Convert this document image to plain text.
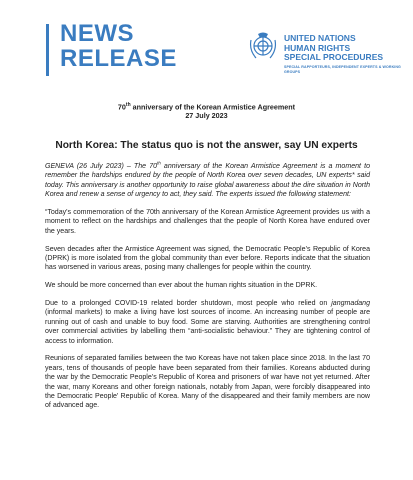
NEWS
RELEASE
UNITED NATIONS
HUMAN RIGHTS
SPECIAL PROCEDURES
SPECIAL RAPPORTEURS, INDEPENDENT EXPERTS & WORKING GROUPS
70th anniversary of the Korean Armistice Agreement
27 July 2023
North Korea: The status quo is not the answer, say UN experts

GENEVA (26 July 2023) – The 70th anniversary of the Korean Armistice Agreement is a moment to remember the hardships endured by the people of North Korea over seven decades, UN experts* said today. This anniversary is another opportunity to raise global awareness about the dire situation in North Korea and renew a sense of urgency to act, they said. The experts issued the following statement:

“Today's commemoration of the 70th anniversary of the Korean Armistice Agreement provides us with a moment to reflect on the hardships and challenges that the people of North Korea have endured over the years.

Seven decades after the Armistice Agreement was signed, the Democratic People’s Republic of Korea (DPRK) is more isolated from the global community than ever before. Reports indicate that the situation has worsened in various areas, posing many challenges for people within the country.

We should be more concerned than ever about the human rights situation in the DPRK.

Due to a prolonged COVID-19 related border shutdown, most people who relied on jangmadang (informal markets) to make a living have lost sources of income. An increasing number of people are running out of cash and unable to buy food. Some are starving. Authorities are strengthening control over commercial activities by labelling them “anti-socialistic behaviour.” They are tightening control of access to information.

Reunions of separated families between the two Koreas have not taken place since 2018. In the last 70 years, tens of thousands of people have been separated from their families. Koreans abducted during the war by the Democratic People’s Republic of Korea and prisoners of war have not yet returned. After the war, many Koreans and other foreign nationals, notably from Japan, were forcibly disappeared into the Democratic People’ Republic of Korea. Many of the disappeared and their family members are now of advanced age.
